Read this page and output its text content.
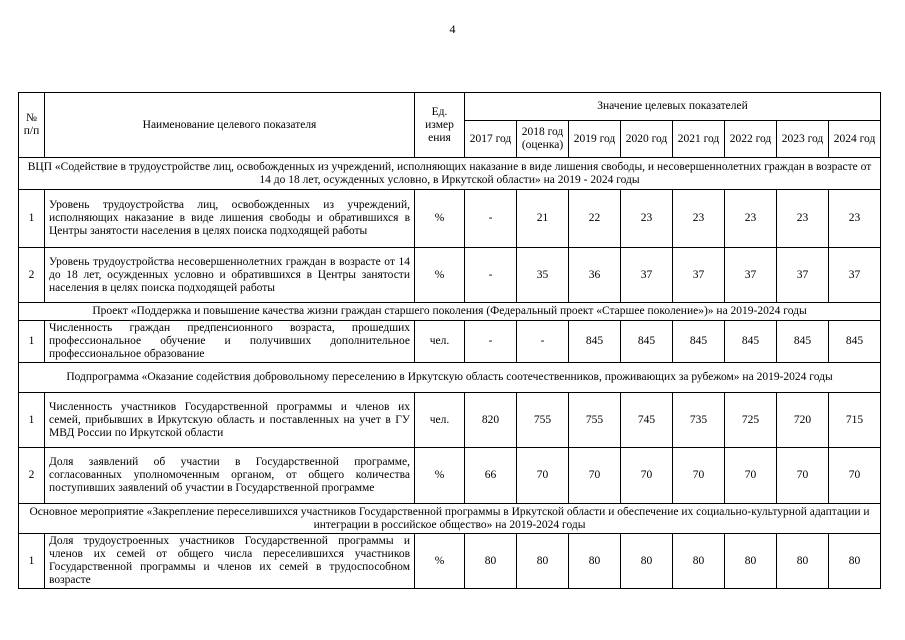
4
№ п/п	Наименование целевого показателя	Ед. измер ения	Значение целевых показателей							
			2017 год	2018 год (оценка)	2019 год	2020 год	2021 год	2022 год	2023 год	2024 год
ВЦП «Содействие в трудоустройстве лиц, освобожденных из учреждений, исполняющих наказание в виде лишения свободы, и несовершеннолетних граждан в возрасте от 14 до 18 лет, осужденных условно, в Иркутской области» на 2019 - 2024 годы										
1	Уровень трудоустройства лиц, освобожденных из учреждений, исполняющих наказание в виде лишения свободы и обратившихся в Центры занятости населения в целях поиска подходящей работы	%	-	21	22	23	23	23	23	23
2	Уровень трудоустройства несовершеннолетних граждан в возрасте от 14 до 18 лет, осужденных условно и обратившихся в Центры занятости населения в целях поиска подходящей работы	%	-	35	36	37	37	37	37	37
Проект «Поддержка и повышение качества жизни граждан старшего поколения (Федеральный проект «Старшее поколение»)» на 2019-2024 годы										
1	Численность граждан предпенсионного возраста, прошедших профессиональное обучение и получивших дополнительное профессиональное образование	чел.	-	-	845	845	845	845	845	845
Подпрограмма «Оказание содействия добровольному переселению в Иркутскую область соотечественников, проживающих за рубежом» на 2019-2024 годы										
1	Численность участников Государственной программы и членов их семей, прибывших в Иркутскую область и поставленных на учет в ГУ МВД России по Иркутской области	чел.	820	755	755	745	735	725	720	715
2	Доля заявлений об участии в Государственной программе, согласованных уполномоченным органом, от общего количества поступивших заявлений об участии в Государственной программе	%	66	70	70	70	70	70	70	70
Основное мероприятие «Закрепление переселившихся участников Государственной программы в Иркутской области и обеспечение их социально-культурной адаптации и интеграции в российское общество» на 2019-2024 годы										
1	Доля трудоустроенных участников Государственной программы и членов их семей от общего числа переселившихся участников Государственной программы и членов их семей в трудоспособном возрасте	%	80	80	80	80	80	80	80	80
